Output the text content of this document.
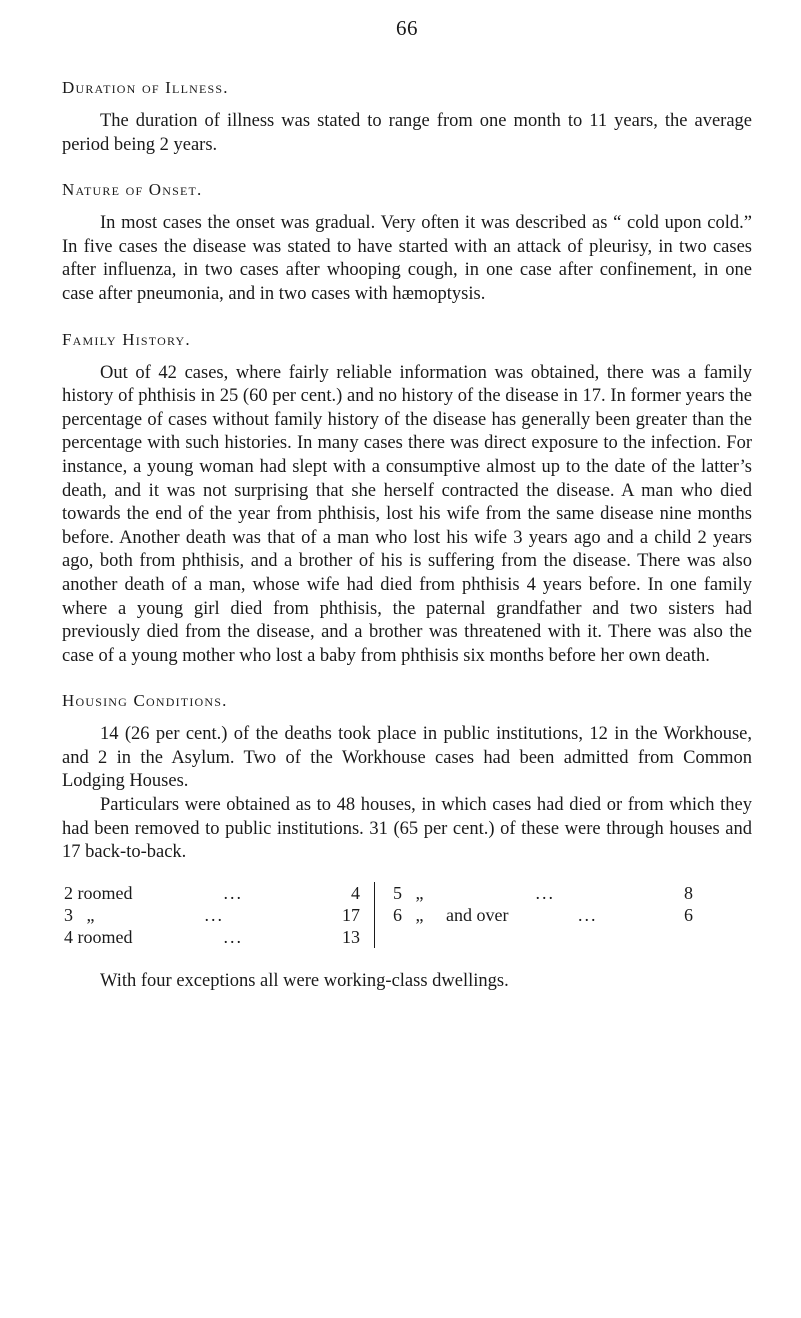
66
Duration of Illness.

The duration of illness was stated to range from one month to 11 years, the average period being 2 years.

Nature of Onset.

In most cases the onset was gradual. Very often it was described as “ cold upon cold.” In five cases the disease was stated to have started with an attack of pleurisy, in two cases after influenza, in two cases after whooping cough, in one case after confinement, in one case after pneumonia, and in two cases with hæmoptysis.

Family History.

Out of 42 cases, where fairly reliable information was obtained, there was a family history of phthisis in 25 (60 per cent.) and no history of the disease in 17. In former years the percentage of cases without family history of the disease has generally been greater than the percentage with such histories. In many cases there was direct exposure to the infection. For instance, a young woman had slept with a consumptive almost up to the date of the latter’s death, and it was not surprising that she herself contracted the disease. A man who died towards the end of the year from phthisis, lost his wife from the same disease nine months before. Another death was that of a man who lost his wife 3 years ago and a child 2 years ago, both from phthisis, and a brother of his is suffering from the disease. There was also another death of a man, whose wife had died from phthisis 4 years before. In one family where a young girl died from phthisis, the paternal grandfather and two sisters had previously died from the disease, and a brother was threatened with it. There was also the case of a young mother who lost a baby from phthisis six months before her own death.

Housing Conditions.

14 (26 per cent.) of the deaths took place in public institutions, 12 in the Workhouse, and 2 in the Asylum. Two of the Workhouse cases had been admitted from Common Lodging Houses.

Particulars were obtained as to 48 houses, in which cases had died or from which they had been removed to public institutions. 31 (65 per cent.) of these were through houses and 17 back-to-back.

2 roomed	...	4
3   „	...	17
4 roomed	...	13
5   „	...	8
6   „     and over	...	6
With four exceptions all were working-class dwellings.
